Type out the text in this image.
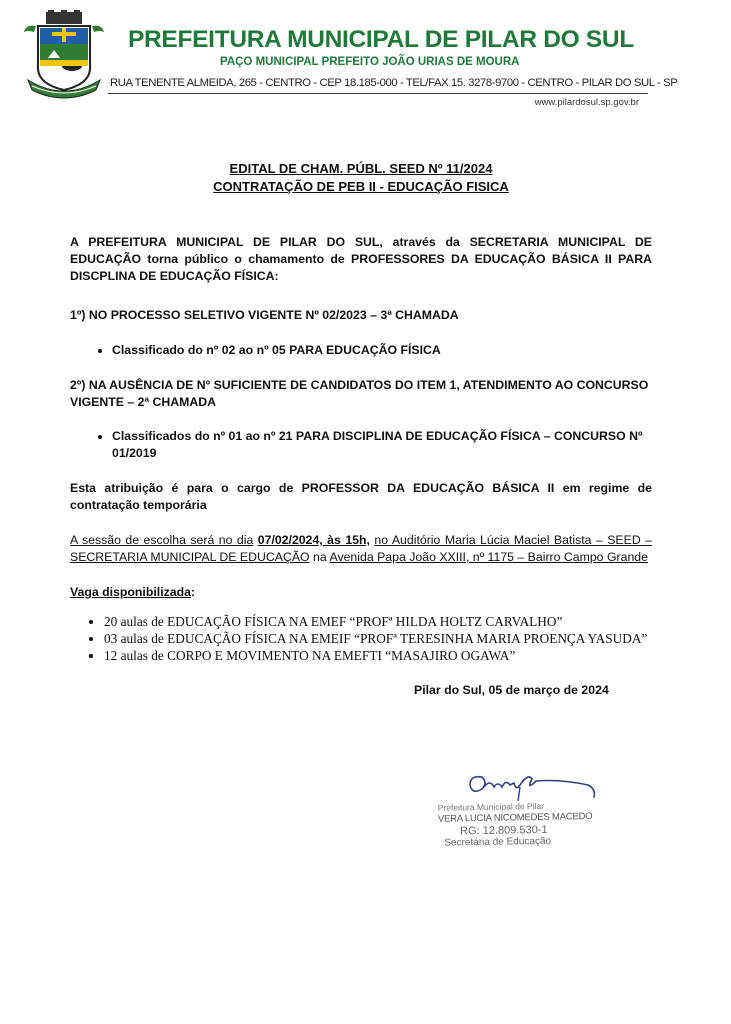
PREFEITURA MUNICIPAL DE PILAR DO SUL
PAÇO MUNICIPAL PREFEITO JOÃO URIAS DE MOURA
RUA TENENTE ALMEIDA, 265 - CENTRO - CEP 18.185-000 - TEL/FAX 15. 3278-9700 - CENTRO - PILAR DO SUL - SP
www.pilardosul.sp.gov.br
EDITAL DE CHAM. PÚBL. SEED Nº 11/2024
CONTRATAÇÃO DE PEB II - EDUCAÇÃO FISICA

A PREFEITURA MUNICIPAL DE PILAR DO SUL, através da SECRETARIA MUNICIPAL DE EDUCAÇÃO torna público o chamamento de PROFESSORES DA EDUCAÇÃO BÁSICA II PARA DISCPLINA DE EDUCAÇÃO FÍSICA:

1º) NO PROCESSO SELETIVO VIGENTE Nº 02/2023 – 3ª CHAMADA

• Classificado do nº 02 ao nº 05 PARA EDUCAÇÃO FÍSICA

2º) NA AUSÊNCIA DE Nº SUFICIENTE DE CANDIDATOS DO ITEM 1, ATENDIMENTO AO CONCURSO VIGENTE – 2ª CHAMADA

• Classificados do nº 01 ao nº 21 PARA DISCIPLINA DE EDUCAÇÃO FÍSICA – CONCURSO Nº 01/2019

Esta atribuição é para o cargo de PROFESSOR DA EDUCAÇÃO BÁSICA II em regime de contratação temporária

A sessão de escolha será no dia 07/02/2024, às 15h, no Auditório Maria Lúcia Maciel Batista – SEED – SECRETARIA MUNICIPAL DE EDUCAÇÃO na Avenida Papa João XXIII, nº 1175 – Bairro Campo Grande

Vaga disponibilizada:

• 20 aulas de EDUCAÇÃO FÍSICA NA EMEF “PROFª HILDA HOLTZ CARVALHO”
• 03 aulas de EDUCAÇÃO FÍSICA NA EMEIF “PROFª TERESINHA MARIA PROENÇA YASUDA”
• 12 aulas de CORPO E MOVIMENTO NA EMEFTI “MASAJIRO OGAWA”

Pilar do Sul, 05 de março de 2024

Prefeitura Municipal de Pilar
VERA LUCIA NICOMEDES MACEDO
RG: 12.809.530-1
Secretária de Educação
